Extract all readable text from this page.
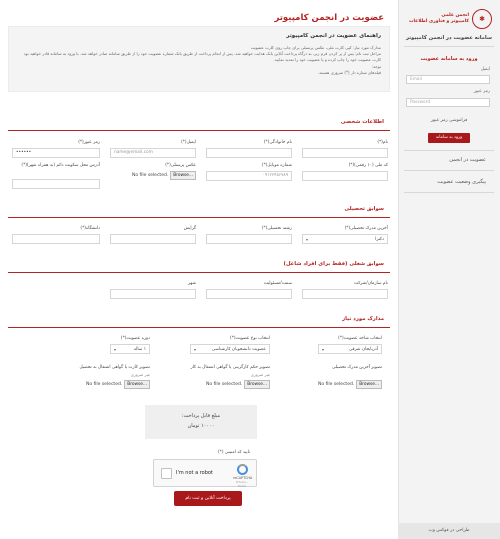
✱
انجمن علمی
کامپیوتر و فناوری اطلاعات
سامانه عضویت در انجمن کامپیوتر
ورود به سامانه عضویت
ایمیل
Email
رمز عبور
Password
فراموشی رمز عبور
ورود به سامانه
عضویت در انجمن
پیگیری وضعیت عضویت
طراحی در فوکس وب
عضویت در انجمن کامپیوتر
راهنمای عضویت در انجمن کامپیوتر
مدارک مورد نیاز: کپی کارت ملی، عکس پرسنلی برای چاپ روی کارت عضویت
مراحل ثبت نام: پس از پر کردن فرم زیر، به درگاه پرداخت آنلاین بانک هدایت خواهید شد. پس از انجام پرداخت از طریق بانک شماره عضویت خود را از طریق سامانه صادر خواهد شد. با ورود به سامانه قادر خواهید بود کارت عضویت خود را چاپ کرده و یا عضویت خود را تمدید نمایید.
توجه:
فیلدهای ستاره دار (*) ضروری هستند.
اطلاعات شخصی
نام(*)
نام خانوادگی(*)
ایمیل(*)
name@email.com
رمز عبور(*)
••••••
کد ملی (۱۰ رقمی)(*)
شماره موبایل(*)
۰۹۱۲۳۴۵۶۷۸۹
عکس پرسنلی(*)
No file selected.	Browse...
آدرس محل سکونت دائم (به همراه شهر)(*)
سوابق تحصیلی
آخرین مدرک تحصیلی(*)
دکترا
▾
رشته تحصیلی(*)
گرایش
دانشگاه(*)
سوابق شغلی (فقط برای افراد شاغل)
نام سازمان/شرکت
سمت/مسئولیت
شهر
مدارک مورد نیاز
انتخاب شاخه عضویت(*)
آذربایجان شرقی
▾
انتخاب نوع عضویت(*)
عضویت دانشجویان کارشناسی
▾
دوره عضویت(*)
۱ ساله
▾
تصویر آخرین مدرک تحصیلی
No file selected.	Browse...
تصویر حکم کارگزینی یا گواهی اشتغال به کار
غیر ضروری
No file selected.	Browse...
تصویر کارت یا گواهی اشتغال به تحصیل
غیر ضروری
No file selected.	Browse...
مبلغ قابل پرداخت:
۱۰۰۰۰ تومان
تایید کد امنیتی (*)
I'm not a robot
reCAPTCHA
Privacy - Terms
پرداخت آنلاین و ثبت نام
